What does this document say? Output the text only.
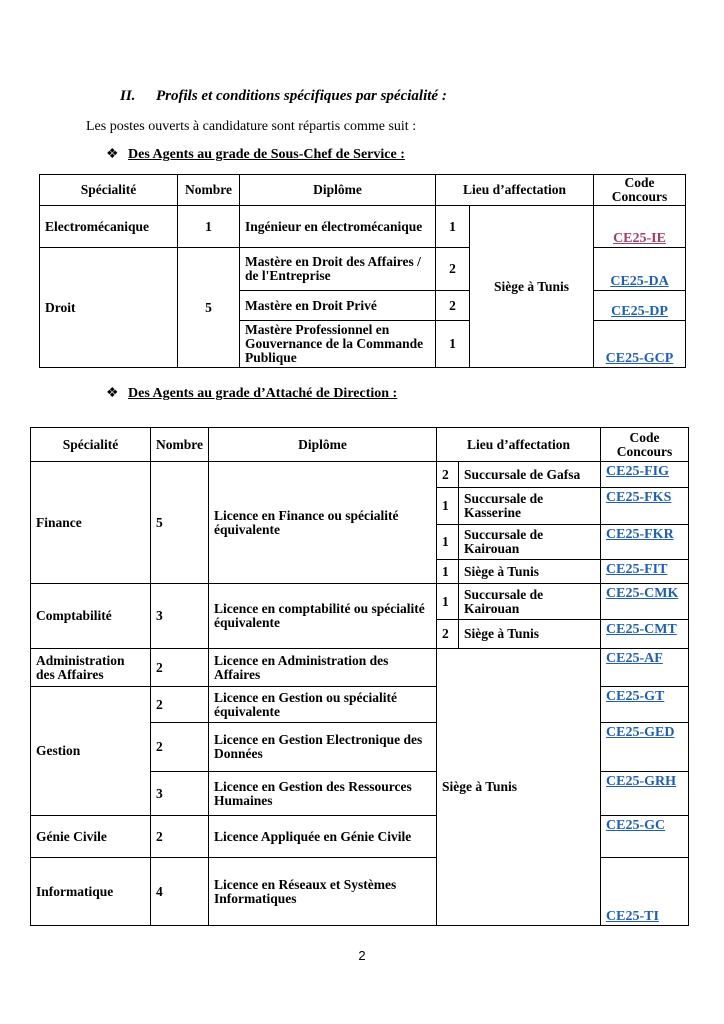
II. Profils et conditions spécifiques par spécialité :
Les postes ouverts à candidature sont répartis comme suit :
❖ Des Agents au grade de Sous-Chef de Service :
Spécialité	Nombre	Diplôme	Lieu d’affectation		Code Concours
Electromécanique	1	Ingénieur en électromécanique	1	Siège à Tunis	CE25-IE
Droit	5	Mastère en Droit des Affaires / de l'Entreprise	2		CE25-DA
		Mastère en Droit Privé	2		CE25-DP
		Mastère Professionnel en Gouvernance de la Commande Publique	1		CE25-GCP
❖ Des Agents au grade d’Attaché de Direction :
Spécialité	Nombre	Diplôme	Lieu d’affectation		Code Concours
Finance	5	Licence en Finance ou spécialité équivalente	2	Succursale de Gafsa	CE25-FIG
			1	Succursale de Kasserine	CE25-FKS
			1	Succursale de Kairouan	CE25-FKR
			1	Siège à Tunis	CE25-FIT
Comptabilité	3	Licence en comptabilité ou spécialité équivalente	1	Succursale de Kairouan	CE25-CMK
			2	Siège à Tunis	CE25-CMT
Administration des Affaires	2	Licence en Administration des Affaires	Siège à Tunis		CE25-AF
Gestion	2	Licence en Gestion ou spécialité équivalente			CE25-GT
	2	Licence en Gestion Electronique des Données			CE25-GED
	3	Licence en Gestion des Ressources Humaines			CE25-GRH
Génie Civile	2	Licence Appliquée en Génie Civile			CE25-GC
Informatique	4	Licence en Réseaux et Systèmes Informatiques			CE25-TI
2
